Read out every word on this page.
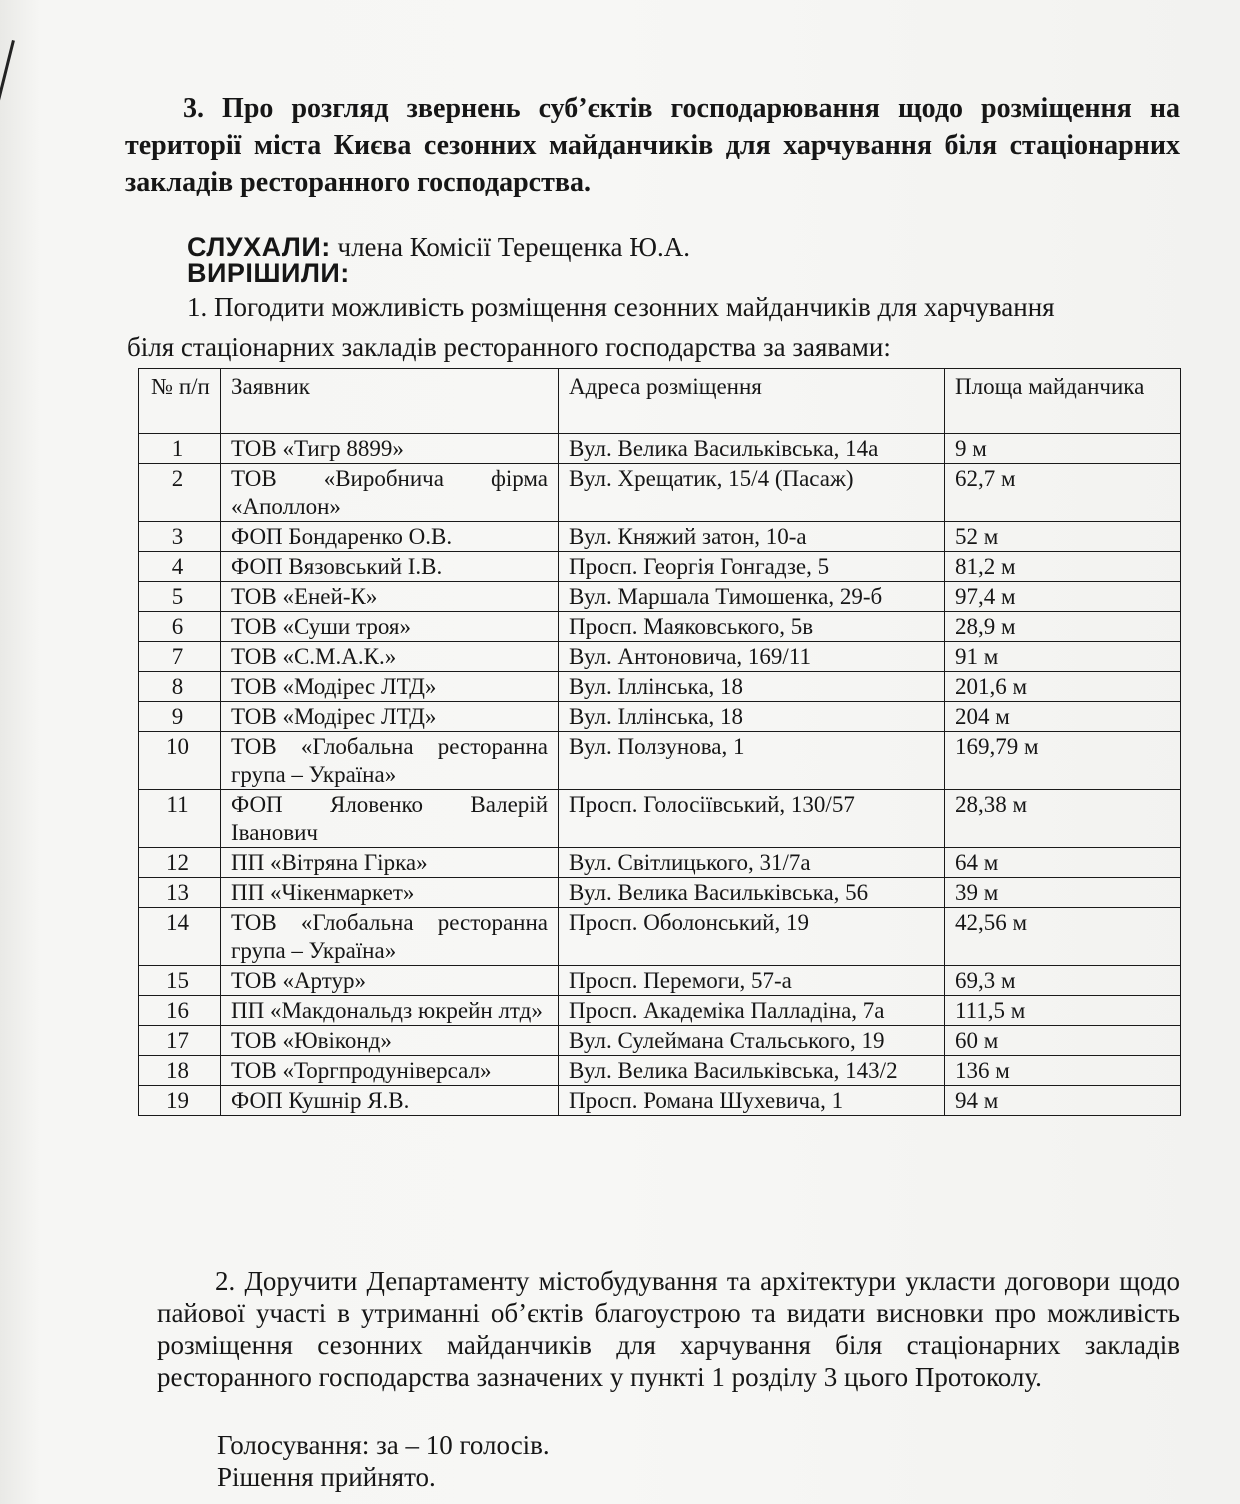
3. Про розгляд звернень суб’єктів господарювання щодо розміщення на території міста Києва сезонних майданчиків для харчування біля стаціонарних закладів ресторанного господарства.
СЛУХАЛИ: члена Комісії Терещенка Ю.А.
ВИРІШИЛИ:
1. Погодити можливість розміщення сезонних майданчиків для харчування
біля стаціонарних закладів ресторанного господарства за заявами:
№ п/п	Заявник	Адреса розміщення	Площа майданчика
1	ТОВ «Тигр 8899»	Вул. Велика Васильківська, 14а	9 м
2	ТОВ «Виробнича фірма «Аполлон»	Вул. Хрещатик, 15/4 (Пасаж)	62,7 м
3	ФОП Бондаренко О.В.	Вул. Княжий затон, 10-а	52 м
4	ФОП Вязовський І.В.	Просп. Георгія Гонгадзе, 5	81,2 м
5	ТОВ «Еней-К»	Вул. Маршала Тимошенка, 29-б	97,4 м
6	ТОВ «Суши троя»	Просп. Маяковського, 5в	28,9 м
7	ТОВ «С.М.А.К.»	Вул. Антоновича, 169/11	91 м
8	ТОВ «Модірес ЛТД»	Вул. Іллінська, 18	201,6 м
9	ТОВ «Модірес ЛТД»	Вул. Іллінська, 18	204 м
10	ТОВ «Глобальна ресторанна група – Україна»	Вул. Ползунова, 1	169,79 м
11	ФОП Яловенко Валерій Іванович	Просп. Голосіївський, 130/57	28,38 м
12	ПП «Вітряна Гірка»	Вул. Світлицького, 31/7а	64 м
13	ПП «Чікенмаркет»	Вул. Велика Васильківська, 56	39 м
14	ТОВ «Глобальна ресторанна група – Україна»	Просп. Оболонський, 19	42,56 м
15	ТОВ «Артур»	Просп. Перемоги, 57-а	69,3 м
16	ПП «Макдональдз юкрейн лтд»	Просп. Академіка Палладіна, 7а	111,5 м
17	ТОВ «Ювіконд»	Вул. Сулеймана Стальського, 19	60 м
18	ТОВ «Торгпродуніверсал»	Вул. Велика Васильківська, 143/2	136 м
19	ФОП Кушнір Я.В.	Просп. Романа Шухевича, 1	94 м
2. Доручити Департаменту містобудування та архітектури укласти договори щодо пайової участі в утриманні об’єктів благоустрою та видати висновки про можливість розміщення сезонних майданчиків для харчування біля стаціонарних закладів ресторанного господарства зазначених у пункті 1 розділу 3 цього Протоколу.
Голосування: за – 10 голосів.
Рішення прийнято.
